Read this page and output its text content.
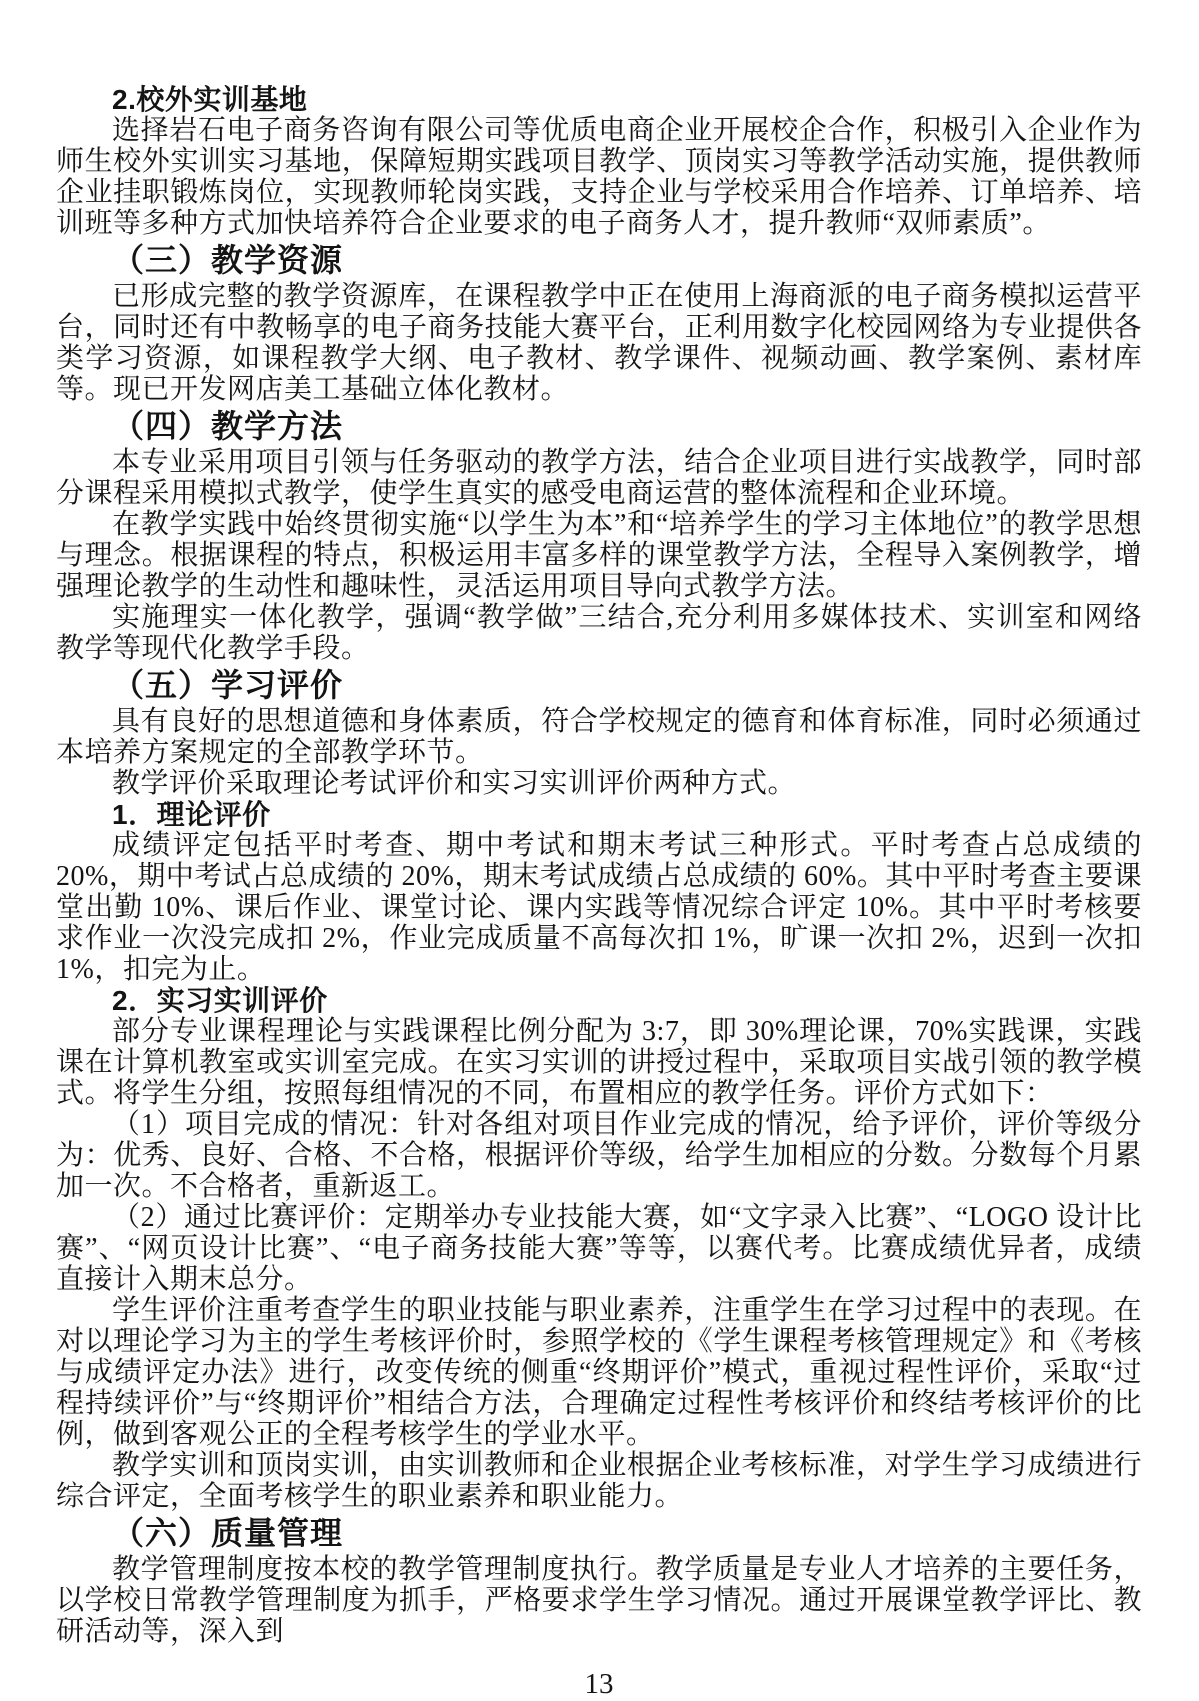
2.校外实训基地

选择岩石电子商务咨询有限公司等优质电商企业开展校企合作，积极引入企业作为师生校外实训实习基地，保障短期实践项目教学、顶岗实习等教学活动实施，提供教师企业挂职锻炼岗位，实现教师轮岗实践，支持企业与学校采用合作培养、订单培养、培训班等多种方式加快培养符合企业要求的电子商务人才，提升教师“双师素质”。

（三）教学资源

已形成完整的教学资源库，在课程教学中正在使用上海商派的电子商务模拟运营平台，同时还有中教畅享的电子商务技能大赛平台，正利用数字化校园网络为专业提供各类学习资源，如课程教学大纲、电子教材、教学课件、视频动画、教学案例、素材库等。现已开发网店美工基础立体化教材。

（四）教学方法

本专业采用项目引领与任务驱动的教学方法，结合企业项目进行实战教学，同时部分课程采用模拟式教学，使学生真实的感受电商运营的整体流程和企业环境。

在教学实践中始终贯彻实施“以学生为本”和“培养学生的学习主体地位”的教学思想与理念。根据课程的特点，积极运用丰富多样的课堂教学方法，全程导入案例教学，增强理论教学的生动性和趣味性，灵活运用项目导向式教学方法。

实施理实一体化教学，强调“教学做”三结合,充分利用多媒体技术、实训室和网络教学等现代化教学手段。

（五）学习评价

具有良好的思想道德和身体素质，符合学校规定的德育和体育标准，同时必须通过本培养方案规定的全部教学环节。

教学评价采取理论考试评价和实习实训评价两种方式。

1．理论评价

成绩评定包括平时考查、期中考试和期末考试三种形式。平时考查占总成绩的 20%，期中考试占总成绩的 20%，期末考试成绩占总成绩的 60%。其中平时考查主要课堂出勤 10%、课后作业、课堂讨论、课内实践等情况综合评定 10%。其中平时考核要求作业一次没完成扣 2%，作业完成质量不高每次扣 1%，旷课一次扣 2%，迟到一次扣 1%，扣完为止。

2．实习实训评价

部分专业课程理论与实践课程比例分配为 3:7，即 30%理论课，70%实践课，实践课在计算机教室或实训室完成。在实习实训的讲授过程中，采取项目实战引领的教学模式。将学生分组，按照每组情况的不同，布置相应的教学任务。评价方式如下：

（1）项目完成的情况：针对各组对项目作业完成的情况，给予评价，评价等级分为：优秀、良好、合格、不合格，根据评价等级，给学生加相应的分数。分数每个月累加一次。不合格者，重新返工。

（2）通过比赛评价：定期举办专业技能大赛，如“文字录入比赛”、“LOGO 设计比赛”、“网页设计比赛”、“电子商务技能大赛”等等，以赛代考。比赛成绩优异者，成绩直接计入期末总分。

学生评价注重考查学生的职业技能与职业素养，注重学生在学习过程中的表现。在对以理论学习为主的学生考核评价时，参照学校的《学生课程考核管理规定》和《考核与成绩评定办法》进行，改变传统的侧重“终期评价”模式，重视过程性评价，采取“过程持续评价”与“终期评价”相结合方法，合理确定过程性考核评价和终结考核评价的比例，做到客观公正的全程考核学生的学业水平。

教学实训和顶岗实训，由实训教师和企业根据企业考核标准，对学生学习成绩进行综合评定，全面考核学生的职业素养和职业能力。

（六）质量管理

教学管理制度按本校的教学管理制度执行。教学质量是专业人才培养的主要任务，以学校日常教学管理制度为抓手，严格要求学生学习情况。通过开展课堂教学评比、教研活动等，深入到

13
